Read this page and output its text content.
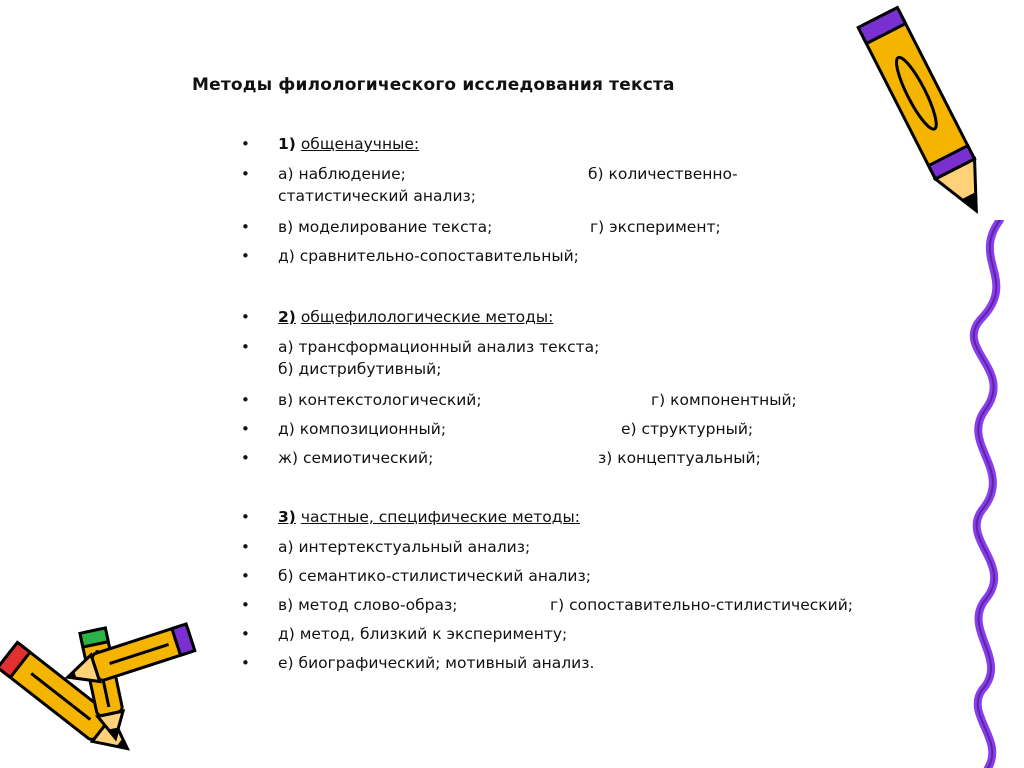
Методы филологического исследования текста
• 1) общенаучные:
• а) наблюдение;	б) количественно-
статистический анализ;
• в) моделирование текста;	г) эксперимент;
• д) сравнительно-сопоставительный;
• 2) общефилологические методы:
• а) трансформационный анализ текста;
б) дистрибутивный;
• в) контекстологический;	г) компонентный;
• д) композиционный;	е) структурный;
• ж) семиотический;	з) концептуальный;
• 3) частные, специфические методы:
• а) интертекстуальный анализ;
• б) семантико-стилистический анализ;
• в) метод слово-образ;	г) сопоставительно-стилистический;
• д) метод, близкий к эксперименту;
• е) биографический; мотивный анализ.
